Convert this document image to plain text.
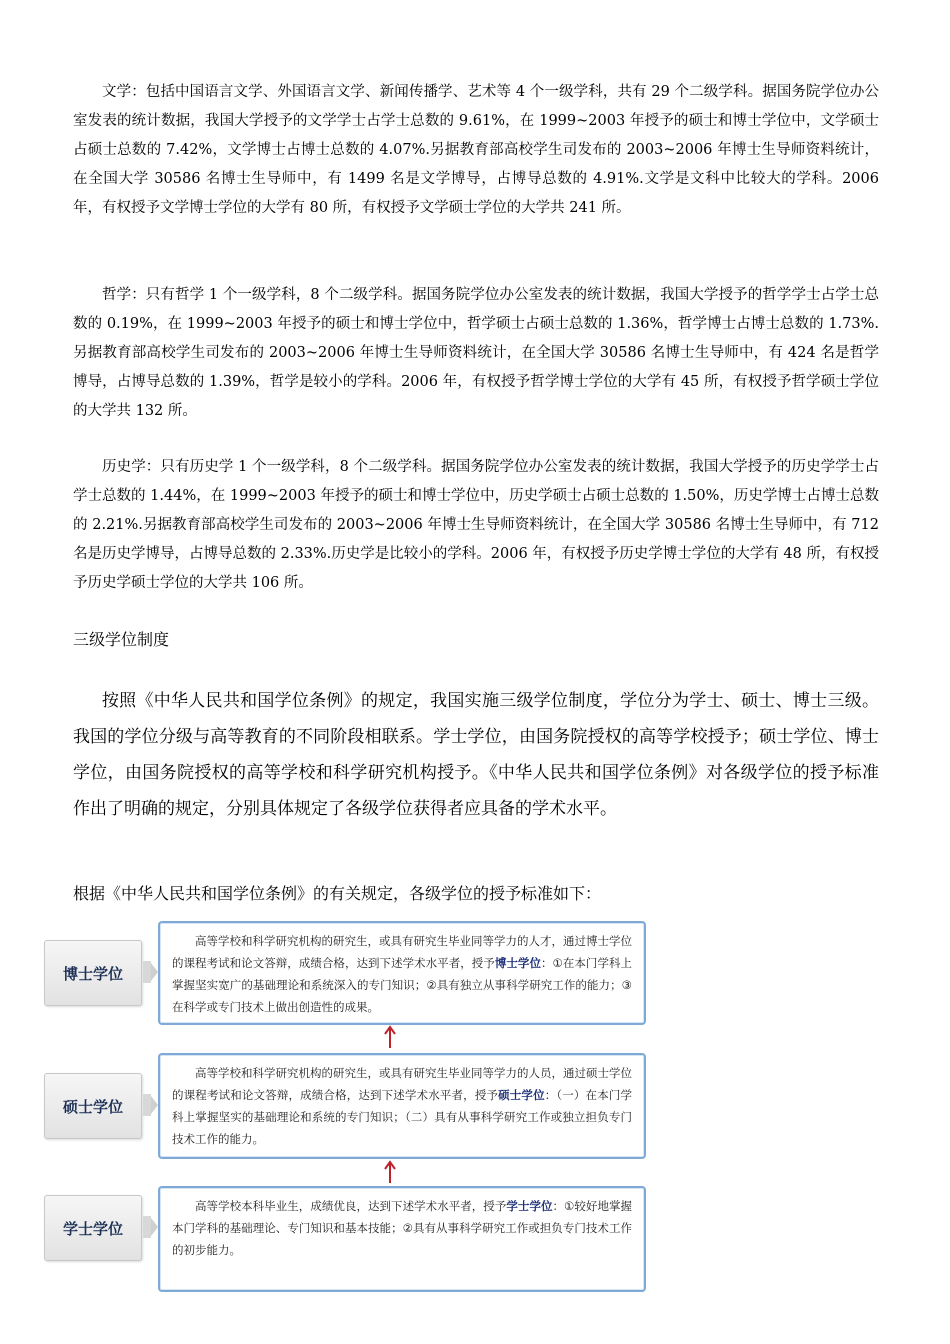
文学：包括中国语言文学、外国语言文学、新闻传播学、艺术等 4 个一级学科，共有 29 个二级学科。据国务院学位办公室发表的统计数据，我国大学授予的文学学士占学士总数的 9.61%，在 1999~2003 年授予的硕士和博士学位中，文学硕士占硕士总数的 7.42%，文学博士占博士总数的 4.07%.另据教育部高校学生司发布的 2003~2006 年博士生导师资料统计，在全国大学 30586 名博士生导师中，有 1499 名是文学博导，占博导总数的 4.91%.文学是文科中比较大的学科。2006 年，有权授予文学博士学位的大学有 80 所，有权授予文学硕士学位的大学共 241 所。

哲学：只有哲学 1 个一级学科，8 个二级学科。据国务院学位办公室发表的统计数据，我国大学授予的哲学学士占学士总数的 0.19%，在 1999~2003 年授予的硕士和博士学位中，哲学硕士占硕士总数的 1.36%，哲学博士占博士总数的 1.73%.另据教育部高校学生司发布的 2003~2006 年博士生导师资料统计，在全国大学 30586 名博士生导师中，有 424 名是哲学博导，占博导总数的 1.39%，哲学是较小的学科。2006 年，有权授予哲学博士学位的大学有 45 所，有权授予哲学硕士学位的大学共 132 所。

历史学：只有历史学 1 个一级学科，8 个二级学科。据国务院学位办公室发表的统计数据，我国大学授予的历史学学士占学士总数的 1.44%，在 1999~2003 年授予的硕士和博士学位中，历史学硕士占硕士总数的 1.50%，历史学博士占博士总数的 2.21%.另据教育部高校学生司发布的 2003~2006 年博士生导师资料统计，在全国大学 30586 名博士生导师中，有 712 名是历史学博导，占博导总数的 2.33%.历史学是比较小的学科。2006 年，有权授予历史学博士学位的大学有 48 所，有权授予历史学硕士学位的大学共 106 所。

三级学位制度

按照《中华人民共和国学位条例》的规定，我国实施三级学位制度，学位分为学士、硕士、博士三级。我国的学位分级与高等教育的不同阶段相联系。学士学位，由国务院授权的高等学校授予；硕士学位、博士学位，由国务院授权的高等学校和科学研究机构授予。《中华人民共和国学位条例》对各级学位的授予标准作出了明确的规定，分别具体规定了各级学位获得者应具备的学术水平。

根据《中华人民共和国学位条例》的有关规定，各级学位的授予标准如下：

博士学位
高等学校和科学研究机构的研究生，或具有研究生毕业同等学力的人才，通过博士学位的课程考试和论文答辩，成绩合格，达到下述学术水平者，授予博士学位：①在本门学科上掌握坚实宽广的基础理论和系统深入的专门知识；②具有独立从事科学研究工作的能力；③在科学或专门技术上做出创造性的成果。
硕士学位
高等学校和科学研究机构的研究生，或具有研究生毕业同等学力的人员，通过硕士学位的课程考试和论文答辩，成绩合格，达到下述学术水平者，授予硕士学位：（一）在本门学科上掌握坚实的基础理论和系统的专门知识；（二）具有从事科学研究工作或独立担负专门技术工作的能力。
学士学位
高等学校本科毕业生，成绩优良，达到下述学术水平者，授予学士学位：①较好地掌握本门学科的基础理论、专门知识和基本技能；②具有从事科学研究工作或担负专门技术工作的初步能力。
